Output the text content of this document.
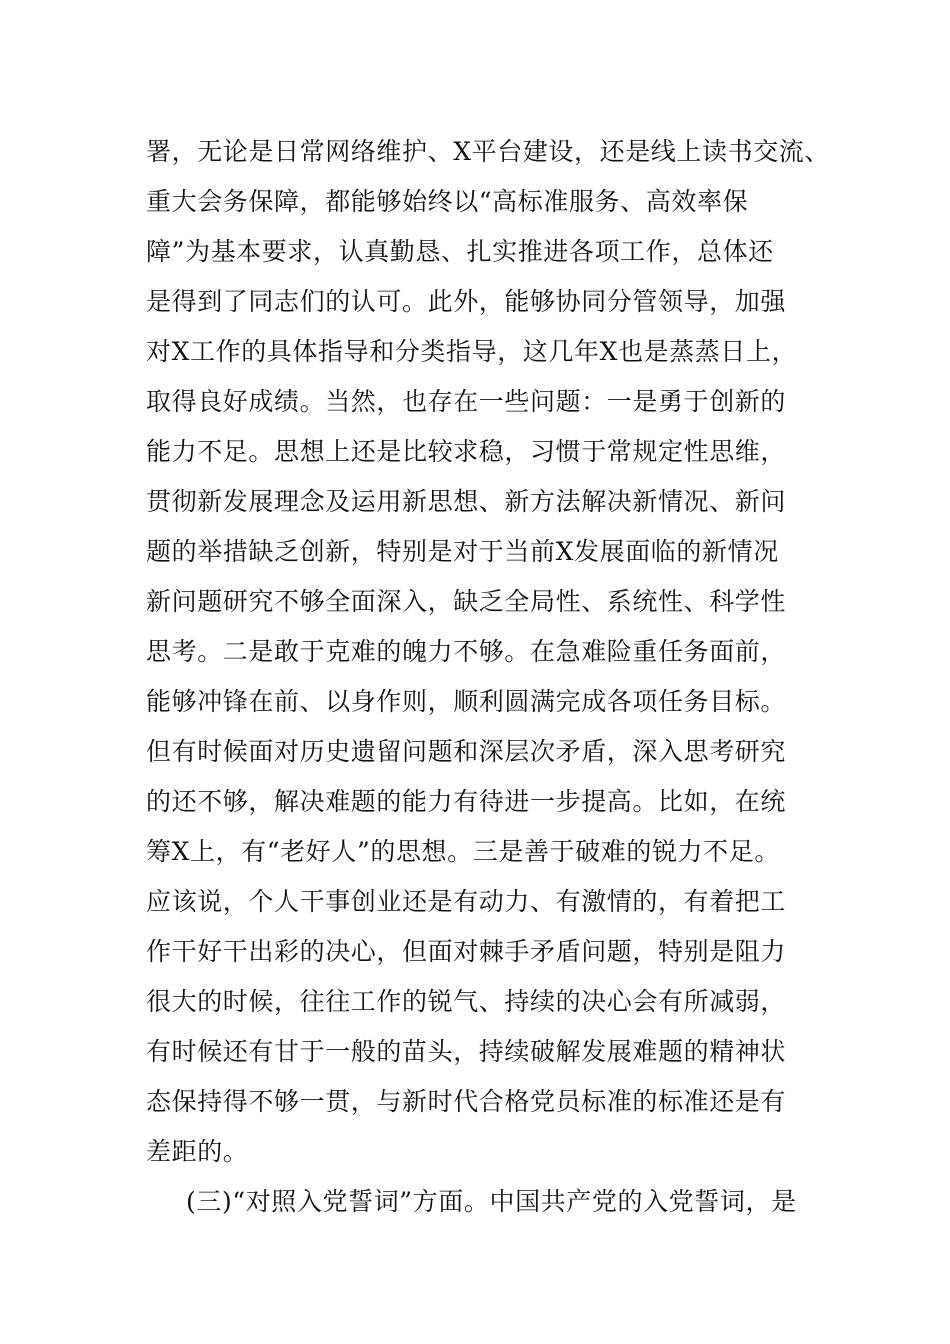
署，无论是日常网络维护、X平台建设，还是线上读书交流、
重大会务保障，都能够始终以“高标准服务、高效率保
障”为基本要求，认真勤恳、扎实推进各项工作，总体还
是得到了同志们的认可。此外，能够协同分管领导，加强
对X工作的具体指导和分类指导，这几年X也是蒸蒸日上，
取得良好成绩。当然，也存在一些问题：一是勇于创新的
能力不足。思想上还是比较求稳，习惯于常规定性思维，
贯彻新发展理念及运用新思想、新方法解决新情况、新问
题的举措缺乏创新，特别是对于当前X发展面临的新情况
新问题研究不够全面深入，缺乏全局性、系统性、科学性
思考。二是敢于克难的魄力不够。在急难险重任务面前，
能够冲锋在前、以身作则，顺利圆满完成各项任务目标。
但有时候面对历史遗留问题和深层次矛盾，深入思考研究
的还不够，解决难题的能力有待进一步提高。比如，在统
筹X上，有“老好人”的思想。三是善于破难的锐力不足。
应该说，个人干事创业还是有动力、有激情的，有着把工
作干好干出彩的决心，但面对棘手矛盾问题，特别是阻力
很大的时候，往往工作的锐气、持续的决心会有所减弱，
有时候还有甘于一般的苗头，持续破解发展难题的精神状
态保持得不够一贯，与新时代合格党员标准的标准还是有
差距的。
(三)“对照入党誓词”方面。中国共产党的入党誓词，是
